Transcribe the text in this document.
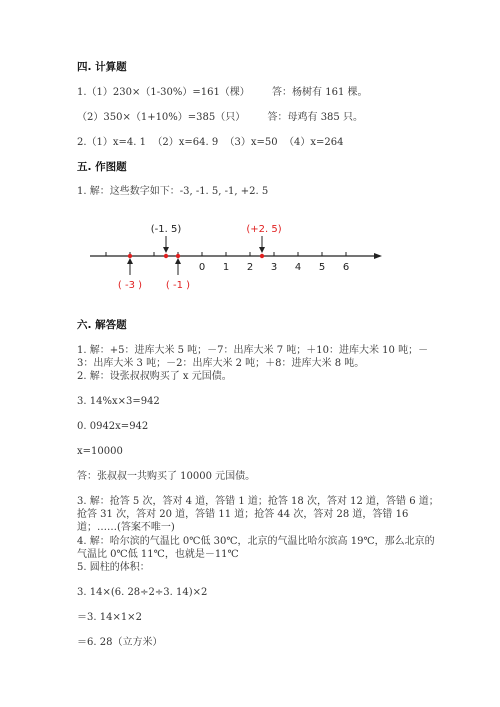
四. 计算题
1.（1）230×（1-30%）=161（棵）       答：杨树有 161 棵。
（2）350×（1+10%）=385（只）       答：母鸡有 385 只。
2.（1）x=4. 1  （2）x=64. 9  （3）x=50  （4）x=264
五. 作图题
1. 解：这些数字如下：-3, -1. 5, -1, +2. 5
0 1 2 3 4 5 6
(-1. 5)	(+2. 5)
( -3 ) ( -1 )
六. 解答题
1. 解：+5：进库大米 5 吨；－7：出库大米 7 吨；＋10：进库大米 10 吨；－
3：出库大米 3 吨；－2：出库大米 2 吨；＋8：进库大米 8 吨。
2. 解：设张叔叔购买了 x 元国债。
3. 14%x×3=942
0. 0942x=942
x=10000
答：张叔叔一共购买了 10000 元国债。
3. 解：抢答 5 次，答对 4 道，答错 1 道；抢答 18 次，答对 12 道，答错 6 道；
抢答 31 次，答对 20 道，答错 11 道；抢答 44 次，答对 28 道，答错 16
道；……(答案不唯一)
4. 解：哈尔滨的气温比 0℃低 30℃，北京的气温比哈尔滨高 19℃，那么北京的
气温比 0℃低 11℃，也就是－11℃
5. 圆柱的体积：
3. 14×(6. 28÷2÷3. 14)×2
＝3. 14×1×2
＝6. 28（立方米）
